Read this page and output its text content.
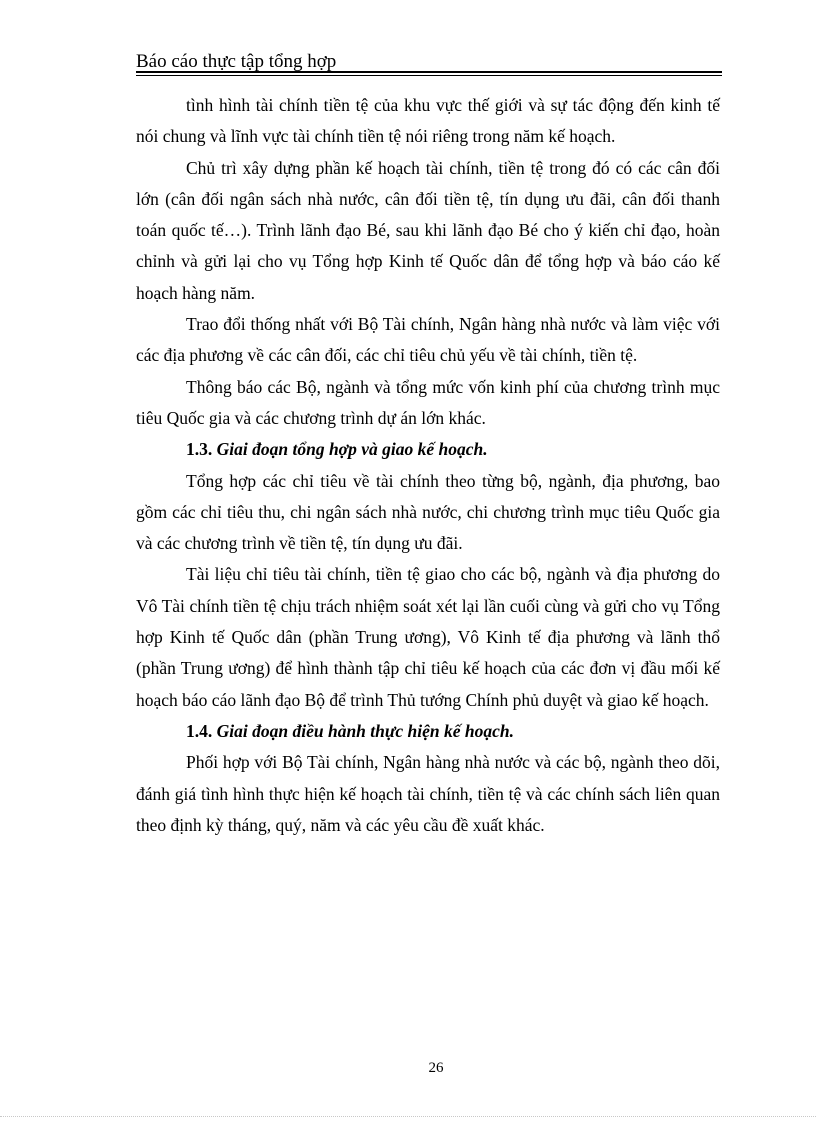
Báo cáo thực tập tổng hợp

tình hình tài chính tiền tệ của khu vực thế giới và sự tác động đến kinh tế nói chung và lĩnh vực tài chính tiền tệ nói riêng trong năm kế hoạch.

Chủ trì xây dựng phần kế hoạch tài chính, tiền tệ trong đó có các cân đối lớn (cân đối ngân sách nhà nước, cân đối tiền tệ, tín dụng ưu đãi, cân đối thanh toán quốc tế…). Trình lãnh đạo Bé, sau khi lãnh đạo Bé cho ý kiến chỉ đạo, hoàn chỉnh và gửi lại cho vụ Tổng hợp Kinh tế Quốc dân để tổng hợp và báo cáo kế hoạch hàng năm.

Trao đổi thống nhất với Bộ Tài chính, Ngân hàng nhà nước và làm việc với các địa phương về các cân đối, các chỉ tiêu chủ yếu về tài chính, tiền tệ.

Thông báo các Bộ, ngành và tổng mức vốn kinh phí của chương trình mục tiêu Quốc gia và các chương trình dự án lớn khác.

1.3. Giai đoạn tổng hợp và giao kế hoạch.

Tổng hợp các chỉ tiêu về tài chính theo từng bộ, ngành, địa phương, bao gồm các chỉ tiêu thu, chi ngân sách nhà nước, chi chương trình mục tiêu Quốc gia và các chương trình về tiền tệ, tín dụng ưu đãi.

Tài liệu chỉ tiêu tài chính, tiền tệ giao cho các bộ, ngành và địa phương do Vô Tài chính tiền tệ chịu trách nhiệm soát xét lại lần cuối cùng và gửi cho vụ Tổng hợp Kinh tế Quốc dân (phần Trung ương), Vô Kinh tế địa phương và lãnh thổ (phần Trung ương) để hình thành tập chỉ tiêu kế hoạch của các đơn vị đầu mối kế hoạch báo cáo lãnh đạo Bộ để trình Thủ tướng Chính phủ duyệt và giao kế hoạch.

1.4. Giai đoạn điều hành thực hiện kế hoạch.

Phối hợp với Bộ Tài chính, Ngân hàng nhà nước và các bộ, ngành theo dõi, đánh giá tình hình thực hiện kế hoạch tài chính, tiền tệ và các chính sách liên quan theo định kỳ tháng, quý, năm và các yêu cầu đề xuất khác.

26
